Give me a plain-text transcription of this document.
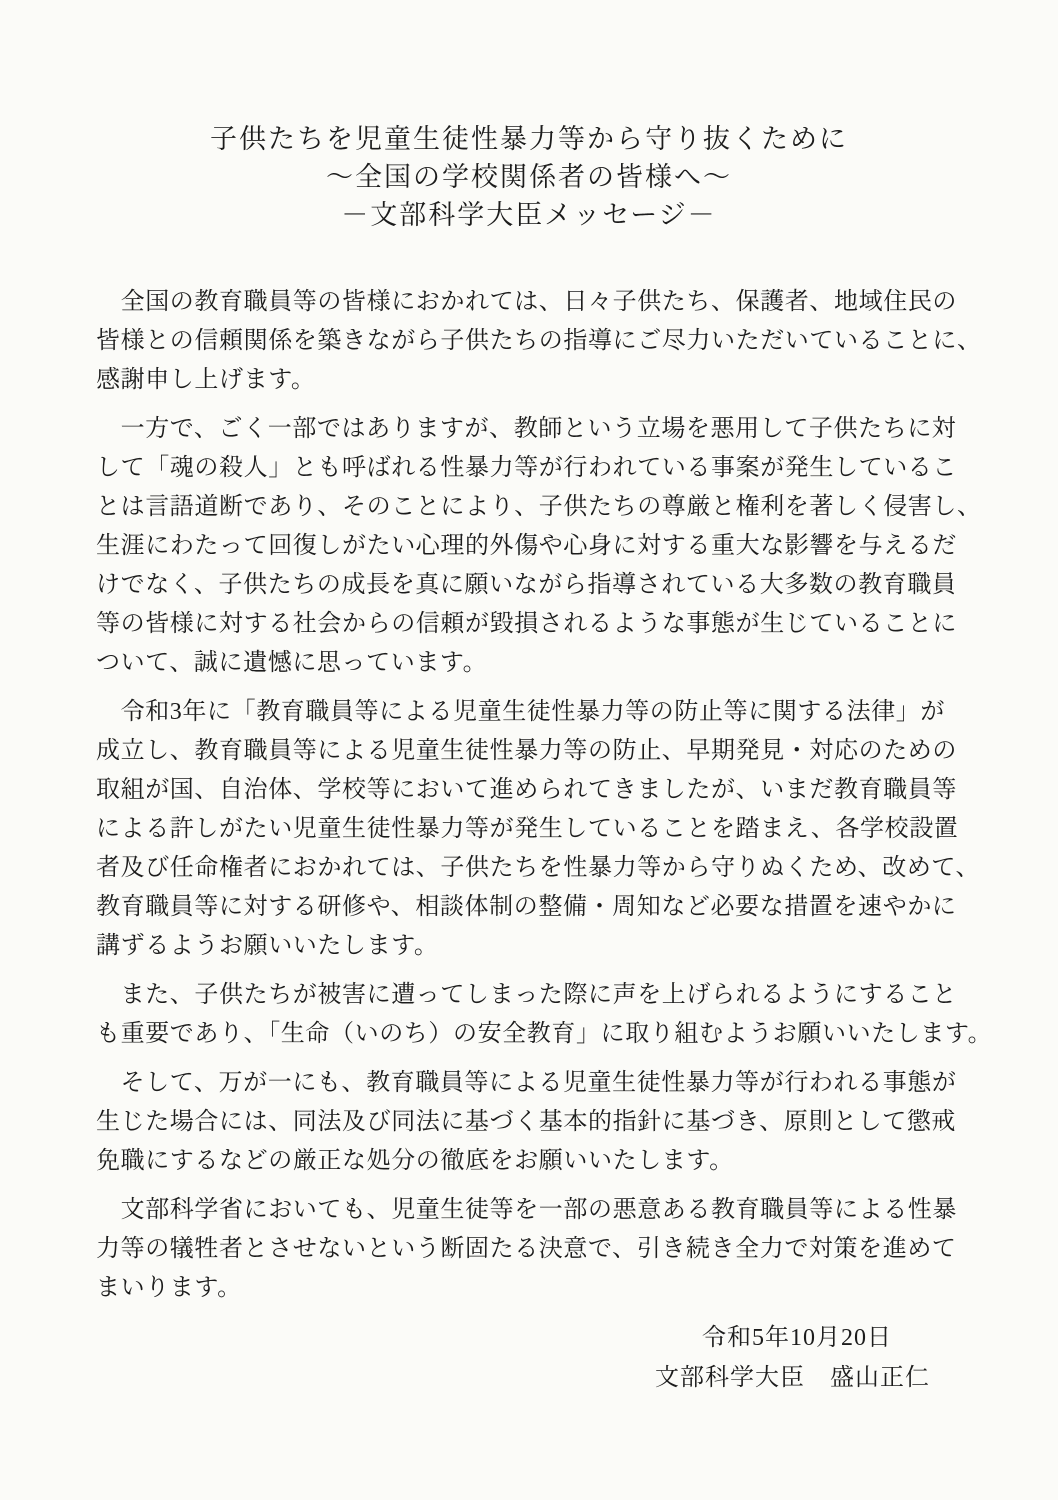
子供たちを児童生徒性暴力等から守り抜くために
～全国の学校関係者の皆様へ～
－文部科学大臣メッセージ－

　全国の教育職員等の皆様におかれては、日々子供たち、保護者、地域住民の
皆様との信頼関係を築きながら子供たちの指導にご尽力いただいていることに、
感謝申し上げます。

　一方で、ごく一部ではありますが、教師という立場を悪用して子供たちに対
して「魂の殺人」とも呼ばれる性暴力等が行われている事案が発生しているこ
とは言語道断であり、そのことにより、子供たちの尊厳と権利を著しく侵害し、
生涯にわたって回復しがたい心理的外傷や心身に対する重大な影響を与えるだ
けでなく、子供たちの成長を真に願いながら指導されている大多数の教育職員
等の皆様に対する社会からの信頼が毀損されるような事態が生じていることに
ついて、誠に遺憾に思っています。

　令和3年に「教育職員等による児童生徒性暴力等の防止等に関する法律」が
成立し、教育職員等による児童生徒性暴力等の防止、早期発見・対応のための
取組が国、自治体、学校等において進められてきましたが、いまだ教育職員等
による許しがたい児童生徒性暴力等が発生していることを踏まえ、各学校設置
者及び任命権者におかれては、子供たちを性暴力等から守りぬくため、改めて、
教育職員等に対する研修や、相談体制の整備・周知など必要な措置を速やかに
講ずるようお願いいたします。

　また、子供たちが被害に遭ってしまった際に声を上げられるようにすること
も重要であり、「生命（いのち）の安全教育」に取り組むようお願いいたします。

　そして、万が一にも、教育職員等による児童生徒性暴力等が行われる事態が
生じた場合には、同法及び同法に基づく基本的指針に基づき、原則として懲戒
免職にするなどの厳正な処分の徹底をお願いいたします。

　文部科学省においても、児童生徒等を一部の悪意ある教育職員等による性暴
力等の犠牲者とさせないという断固たる決意で、引き続き全力で対策を進めて
まいります。

令和5年10月20日
文部科学大臣　盛山正仁
